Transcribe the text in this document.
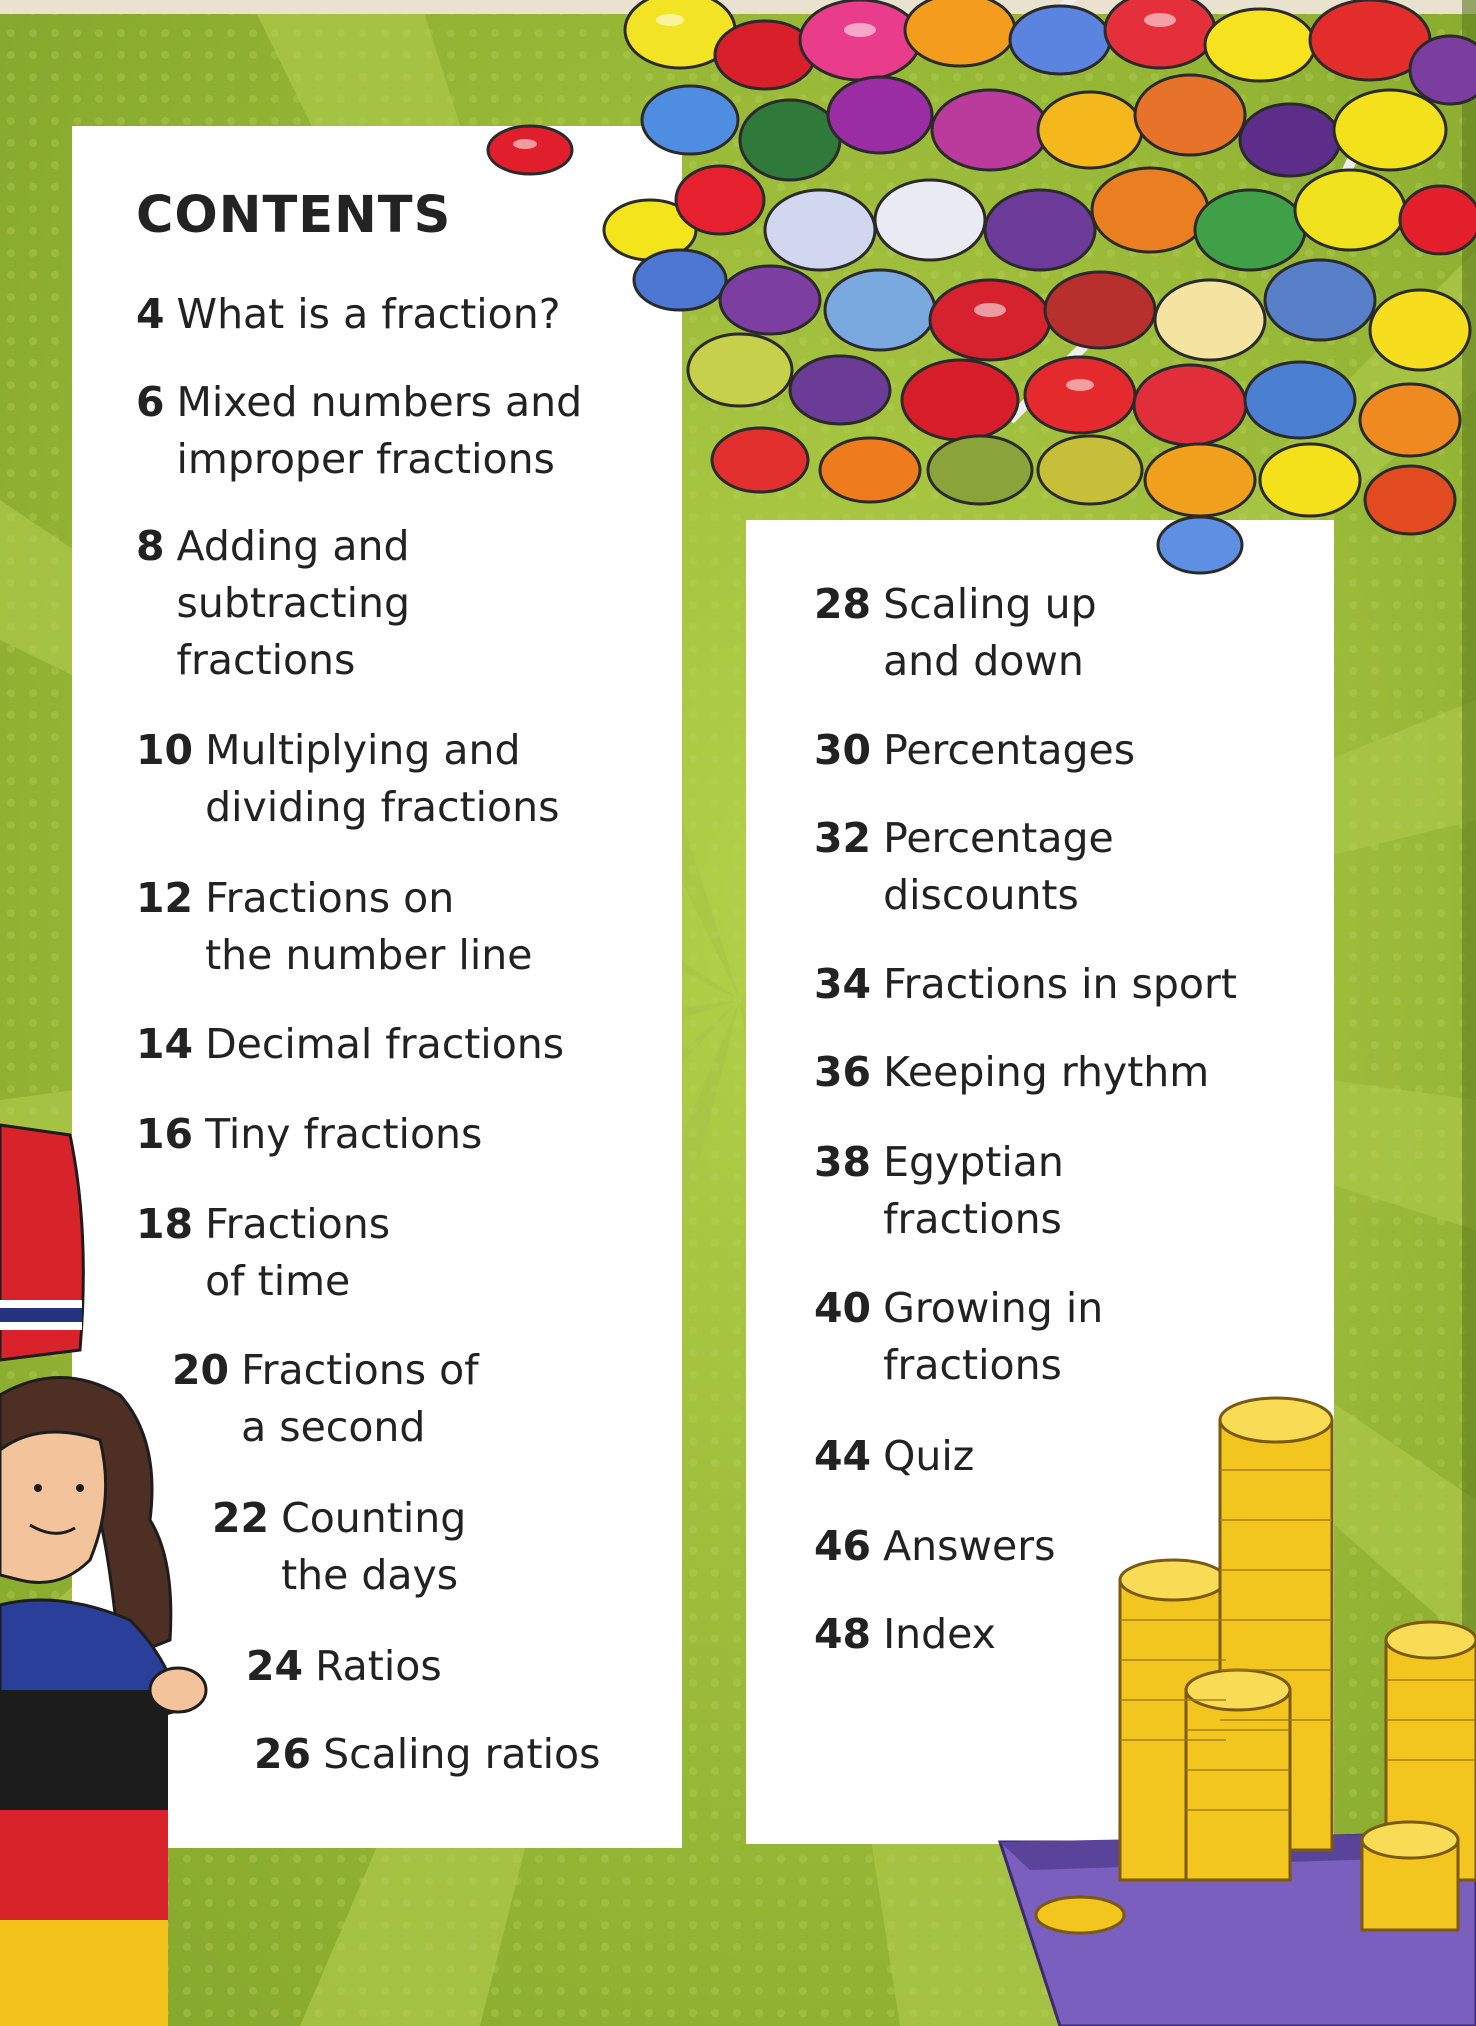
CONTENTS
4 What is a fraction?
6 Mixed numbers and
improper fractions
8 Adding and
subtracting
fractions
10 Multiplying and
dividing fractions
12 Fractions on
the number line
14 Decimal fractions
16 Tiny fractions
18 Fractions
of time
20 Fractions of
a second
22 Counting
the days
24 Ratios
26 Scaling ratios
28 Scaling up
and down
30 Percentages
32 Percentage
discounts
34 Fractions in sport
36 Keeping rhythm
38 Egyptian
fractions
40 Growing in
fractions
44 Quiz
46 Answers
48 Index
